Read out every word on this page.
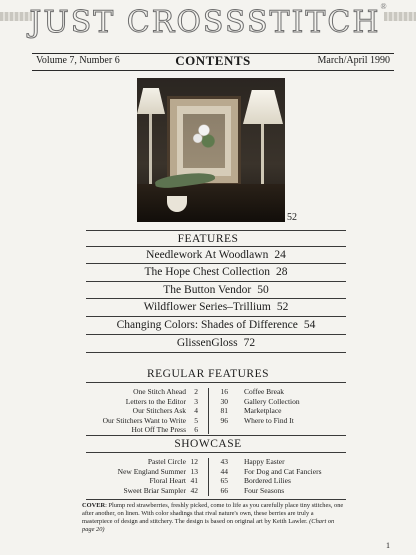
JUST CROSSSTITCH®
Volume 7, Number 6	CONTENTS	March/April 1990
52
FEATURES
Needlework At Woodlawn 24
The Hope Chest Collection 28
The Button Vendor 50
Wildflower Series–Trillium 52
Changing Colors: Shades of Difference 54
GlissenGloss 72
REGULAR FEATURES
One Stitch Ahead
Letters to the Editor
Our Stitchers Ask
Our Stitchers Want to Write
Hot Off The Press
2
3
4
5
6
16
30
81
96
Coffee Break
Gallery Collection
Marketplace
Where to Find It
SHOWCASE
Pastel Circle
New England Summer
Floral Heart
Sweet Briar Sampler
12
13
41
42
43
44
65
66
Happy Easter
For Dog and Cat Fanciers
Bordered Lilies
Four Seasons
COVER: Plump red strawberries, freshly picked, come to life as you carefully place tiny stitches, one after another, on linen. With color shadings that rival nature's own, these berries are truly a masterpiece of design and stitchery. The design is based on original art by Keith Lawler. (Chart on page 20)
1
